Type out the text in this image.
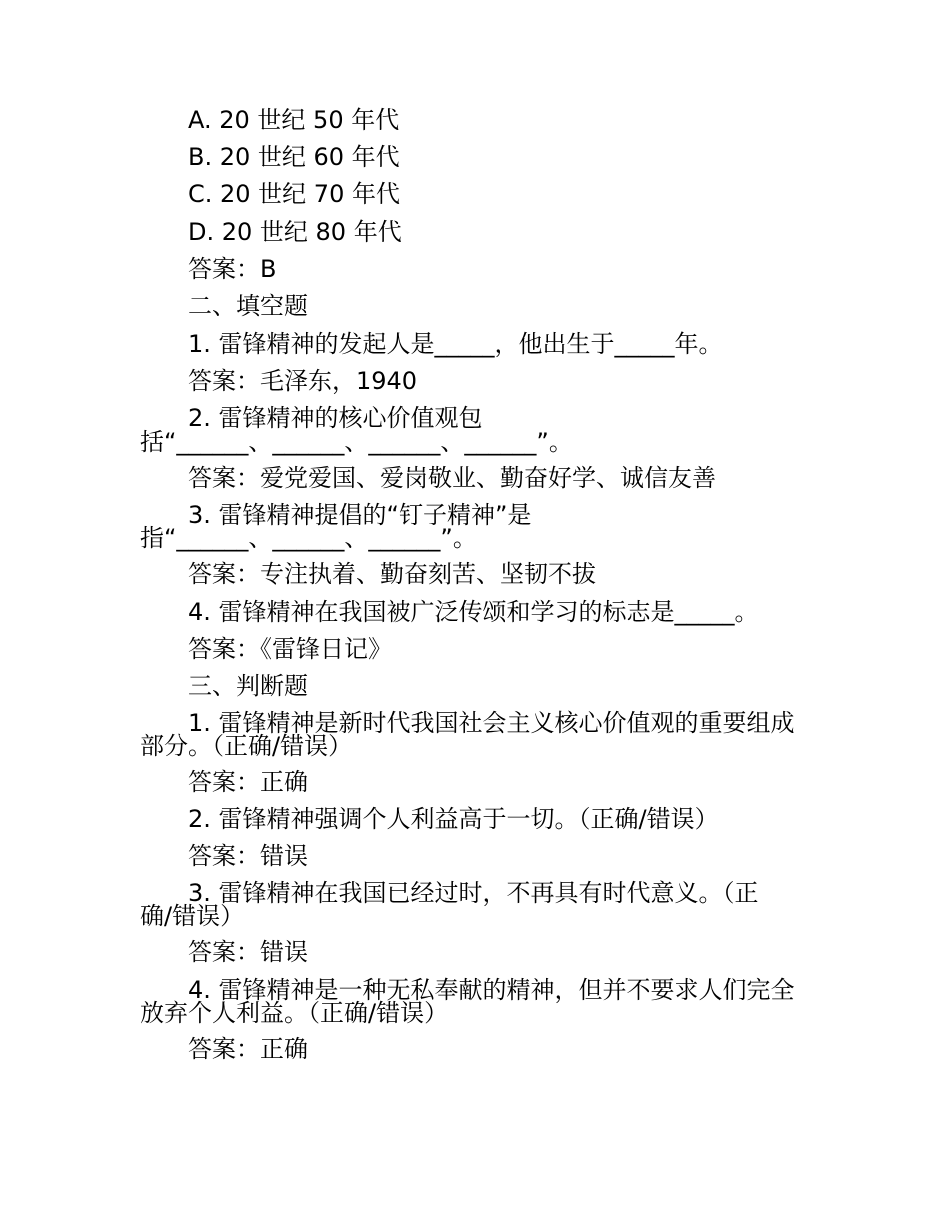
A. 20 世纪 50 年代
B. 20 世纪 60 年代
C. 20 世纪 70 年代
D. 20 世纪 80 年代
答案：B
二、填空题
1. 雷锋精神的发起人是_____，他出生于_____年。
答案：毛泽东，1940
2. 雷锋精神的核心价值观包
括“______、______、______、______”。
答案：爱党爱国、爱岗敬业、勤奋好学、诚信友善
3. 雷锋精神提倡的“钉子精神”是
指“______、______、______”。
答案：专注执着、勤奋刻苦、坚韧不拔
4. 雷锋精神在我国被广泛传颂和学习的标志是_____。
答案：《雷锋日记》
三、判断题
1. 雷锋精神是新时代我国社会主义核心价值观的重要组成
部分。（正确/错误）
答案：正确
2. 雷锋精神强调个人利益高于一切。（正确/错误）
答案：错误
3. 雷锋精神在我国已经过时，不再具有时代意义。（正
确/错误）
答案：错误
4. 雷锋精神是一种无私奉献的精神，但并不要求人们完全
放弃个人利益。（正确/错误）
答案：正确
